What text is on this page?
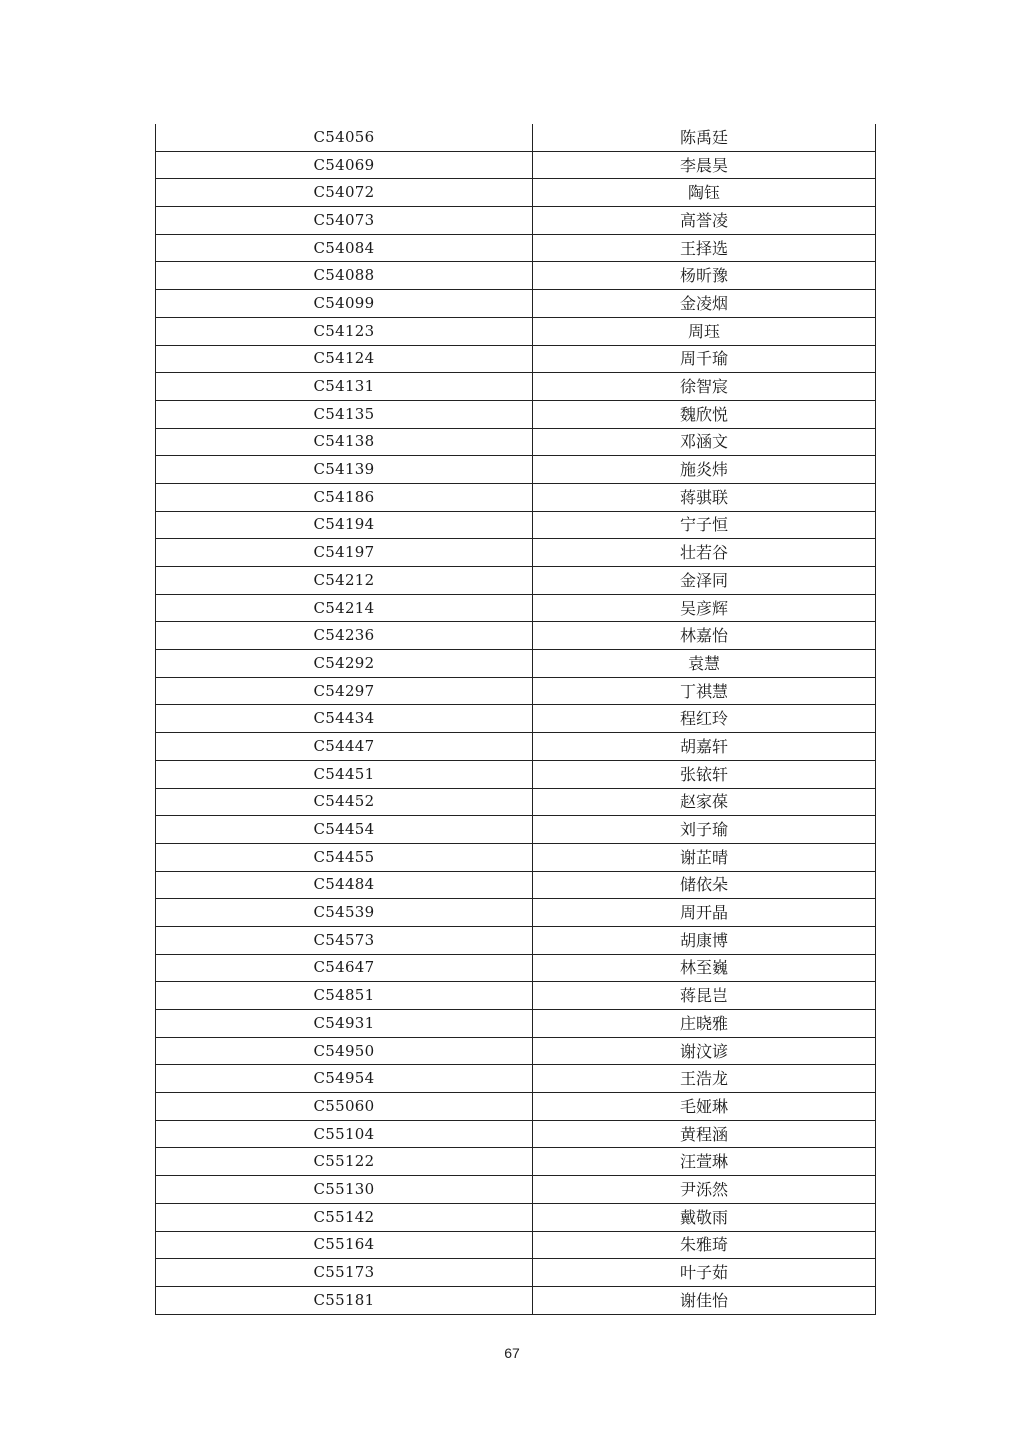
C54056	陈禹廷
C54069	李晨昊
C54072	陶钰
C54073	高誉凌
C54084	王择选
C54088	杨昕豫
C54099	金凌烟
C54123	周珏
C54124	周千瑜
C54131	徐智宸
C54135	魏欣悦
C54138	邓涵文
C54139	施炎炜
C54186	蒋骐联
C54194	宁子恒
C54197	壮若谷
C54212	金泽同
C54214	吴彦辉
C54236	林嘉怡
C54292	袁慧
C54297	丁祺慧
C54434	程红玲
C54447	胡嘉轩
C54451	张铱轩
C54452	赵家葆
C54454	刘子瑜
C54455	谢芷晴
C54484	储依朵
C54539	周开晶
C54573	胡康博
C54647	林至巍
C54851	蒋昆岂
C54931	庄晓雅
C54950	谢汶谚
C54954	王浩龙
C55060	毛娅琳
C55104	黄程涵
C55122	汪萱琳
C55130	尹泺然
C55142	戴敬雨
C55164	朱雅琦
C55173	叶子茹
C55181	谢佳怡
67
